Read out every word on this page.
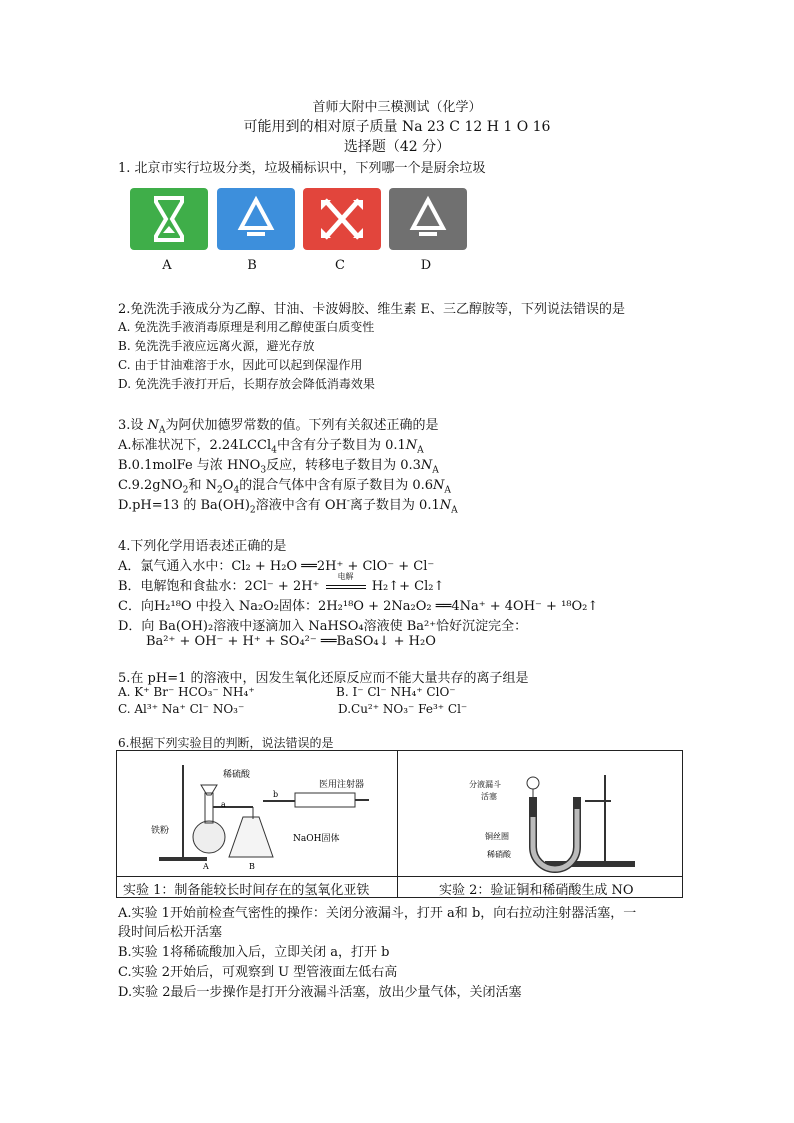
首师大附中三模测试（化学）
可能用到的相对原子质量 Na 23 C 12 H 1 O 16
选择题（42 分）
1. 北京市实行垃圾分类，垃圾桶标识中，下列哪一个是厨余垃圾
A	B	C	D
2.免洗洗手液成分为乙醇、甘油、卡波姆胶、维生素 E、三乙醇胺等，下列说法错误的是
A. 免洗洗手液消毒原理是利用乙醇使蛋白质变性
B. 免洗洗手液应远离火源，避光存放
C. 由于甘油难溶于水，因此可以起到保湿作用
D. 免洗洗手液打开后，长期存放会降低消毒效果
3.设 $N_A$为阿伏加德罗常数的值。下列有关叙述正确的是
A.标准状况下，2.24LCCl$_4$中含有分子数目为 $0.1N_A$
B.0.1molFe 与浓 $HNO_3$反应，转移电子数目为 $0.3N_A$
C.9.2gNO$_2$和 $N_2O_4$的混合气体中含有原子数目为 $0.6N_A$
D.pH=13 的 $Ba(OH)_2$溶液中含有 OH-离子数目为 $0.1N_A$
4.下列化学用语表述正确的是
A．氯气通入水中：Cl₂ + H₂O ══2H⁺ + ClO⁻ + Cl⁻
B．电解饱和食盐水：2Cl⁻ + 2H⁺
电解
H₂↑+ Cl₂↑
C．向H₂¹⁸O 中投入 Na₂O₂固体：2H₂¹⁸O + 2Na₂O₂ ══4Na⁺ + 4OH⁻ + ¹⁸O₂↑
D．向 Ba(OH)₂溶液中逐滴加入 NaHSO₄溶液使 Ba²⁺恰好沉淀完全：
Ba²⁺ + OH⁻ + H⁺ + SO₄²⁻ ══BaSO₄↓ + H₂O
5.在 pH=1 的溶液中，因发生氧化还原反应而不能大量共存的离子组是
A. K⁺ Br⁻ HCO₃⁻ NH₄⁺	B. I⁻ Cl⁻ NH₄⁺ ClO⁻
C. Al³⁺ Na⁺ Cl⁻ NO₃⁻	D.Cu²⁺ NO₃⁻ Fe³⁺ Cl⁻
6.根据下列实验目的判断，说法错误的是
稀硫酸
医用注射器
铁粉
NaOH固体
a
b
A	B
分液漏斗
活塞
铜丝圈
稀硝酸
实验 1：制备能较长时间存在的氢氧化亚铁	实验 2：验证铜和稀硝酸生成 NO
A.实验 1开始前检查气密性的操作：关闭分液漏斗，打开 a和 b，向右拉动注射器活塞，一
段时间后松开活塞
B.实验 1将稀硫酸加入后，立即关闭 a，打开 b
C.实验 2开始后，可观察到 U 型管液面左低右高
D.实验 2最后一步操作是打开分液漏斗活塞，放出少量气体，关闭活塞
